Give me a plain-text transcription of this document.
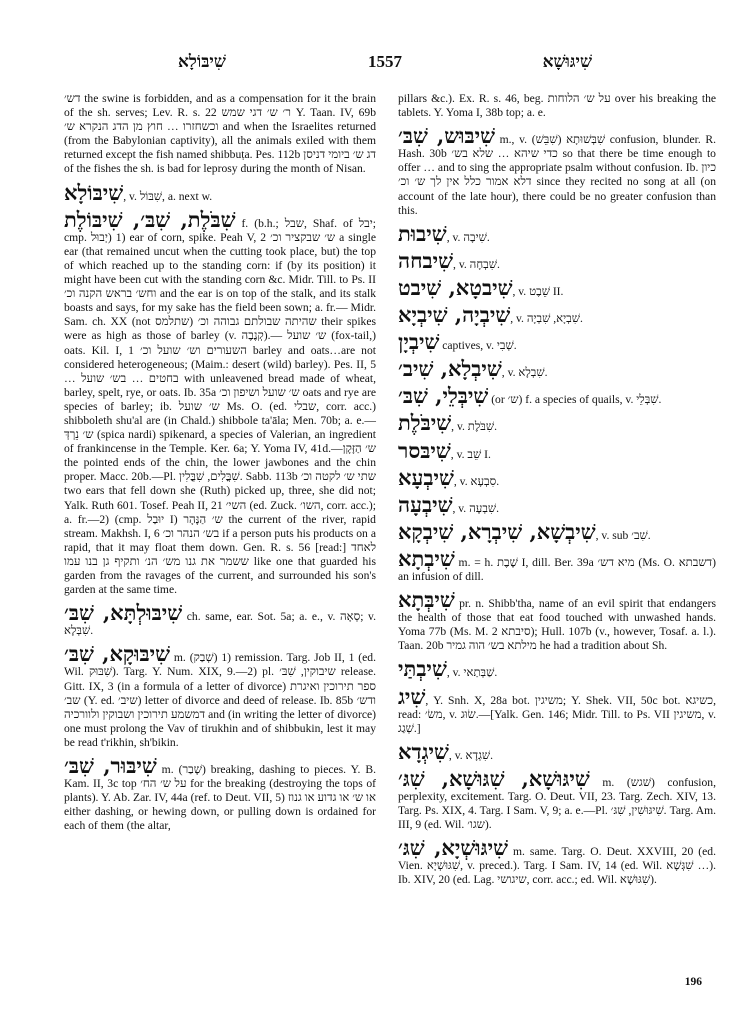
שִׁיבּוֹלָא	1557	שִׁיגּוּשָׁא

דש׳ the swine is forbidden, and as a compensation for it the brain of the sh. serves; Lev. R. s. 22 ר׳ ש׳ דגי שמש Y. Taan. IV, 69b וכשחזרו … חוץ מן הדג הנקרא ש׳ and when the Israelites returned (from the Babylonian captivity), all the animals exiled with them returned except the fish named shibbuṭa. Pes. 112b דג ש׳ ביומי דניסן of the fishes the sh. is bad for leprosy during the month of Nisan.

שִׁיבּוֹלָא, v. שִׁבּוֹל, a. next w.

שִׁבֹּלֶת, שִׁבּ׳, שִׁיבּוֹלֶת f. (b.h.; שבל, Shaf. of יבל; cmp. יְבוּל) 1) ear of corn, spike. Peah V, 2 ש׳ שבקציר וכ׳ a single ear (that remained uncut when the cutting took place, but) the top of which reached up to the standing corn: if (by its position) it might have been cut with the standing corn &c. Midr. Till. to Ps. II וחש׳ בראש הקנה וכ׳ and the ear is on top of the stalk, and its stalk boasts and says, for my sake has the field been sown; a. fr.— Midr. Sam. ch. XX (not שתלמס) שהיתה שבולתם גבוהה וכ׳ their spikes were as high as those of barley (v. קְנֶבֶה).— ש׳ שועל (fox-tail,) oats. Kil. I, 1 השעורים וש׳ שועל וכ׳ barley and oats…are not considered heterogeneous; (Maim.: desert (wild) barley). Pes. II, 5 … בחטים … בש׳ שועל with unleavened bread made of wheat, barley, spelt, rye, or oats. Ib. 35a ש׳ שועל ושיפון וכ׳ oats and rye are species of barley; ib. ש׳ שועל Ms. O. (ed. שבלי, corr. acc.) shibboleth shu'al are (in Chald.) shibbole ta'āla; Men. 70b; a. e.— ש׳ נֵרְדְּ (spica nardi) spikenard, a species of Valerian, an ingredient of frankincense in the Temple. Ker. 6a; Y. Yoma IV, 41d.—ש׳ הַזָּקָן the pointed ends of the chin, the lower jawbones and the chin proper. Macc. 20b.—Pl. שִׁבֳּלִים, שִׁבֳּלִין. Sabb. 113b שתי ש׳ לקטה וכ׳ two ears that fell down she (Ruth) picked up, three, she did not; Yalk. Ruth 601. Tosef. Peah II, 21 השי׳ (ed. Zuck. השו׳, corr. acc.); a. fr.—2) (cmp. יוּבַל I) ש׳ הַנָּהָר the current of the river, rapid stream. Makhsh. I, 6 בש׳ הנהר וכ׳ if a person puts his products on a rapid, that it may float them down. Gen. R. s. 56 [read:] לאחד ששמר את גנו מש׳ הנ׳ ותקיף גן בנו עמו like one that guarded his garden from the ravages of the current, and surrounded his son's garden at the same time.

שִׁיבּוּלְתָּא, שִׁבּ׳ ch. same, ear. Sot. 5a; a. e., v. סְאָה; v. שִׁבְּלָא.

שִׁיבּוּקָא, שִׁבּ׳ m. (שְׁבַק) 1) remission. Targ. Job II, 1 (ed. Wil. שִׁבּוּק). Targ. Y. Num. XIX, 9.—2) pl. שיבוקין, שִׁבּ׳ release. Gitt. IX, 3 (in a formula of a letter of divorce) ספר תירוכין ואיגרת שב׳ (Y. ed. שיב׳) letter of divorce and deed of release. Ib. 85b ודש׳ דמשמע תירוכין ושבוקין ולוורכיה and (in writing the letter of divorce) one must prolong the Vav of tirukhin and of shibbukin, lest it may be read t'rikhin, sh'bikin.

שִׁיבּוּר, שִׁבּ׳ m. (שָׁבַר) breaking, dashing to pieces. Y. B. Kam. II, 3c top על ש׳ הח׳ for the breaking (destroying the tops of plants). Y. Ab. Zar. IV, 44a (ref. to Deut. VII, 5) או ש׳ או גדוע או גנוז either dashing, or hewing down, or pulling down is ordained for each of them (the altar,

pillars &c.). Ex. R. s. 46, beg. על ש׳ הלוחות over his breaking the tablets. Y. Yoma I, 38b top; a. e.

שִׁיבּוּש, שִׁבּ׳ m., v. שִׁבְּשׁוּתָא (שִׁבֵּשׁ) confusion, blunder. R. Hash. 30b כדי שיהא … שלא בש׳ so that there be time enough to offer … and to sing the appropriate psalm without confusion. Ib. כיון דלא אמור כלל אין לך ש׳ וכ׳ since they recited no song at all (on account of the late hour), there could be no greater confusion than this.

שִׁיבוּת, v. שִׁיבָה.

שִׁיבחה, v. שִׁבְחָה.

שִׁיבטָא, שִׁיבט, v. שֵׁבֶט II.

שִׁיבְיָה, שִׁיבְיָא, v. שִׁבְיָא, שִׁבְיָה.

שִׁיבְיָן captives, v. שְׁבִי.

שִׁיבְלָא, שִׁיב׳, v. שִׁבְלָא.

שִׁיבְּלֵי, שִׁבּ׳ (or ש׳) f. a species of quails, v. שִׁבְּלֵי.

שִׁיבֹּלֶת, v. שִׁבֹּלֶת.

שִׁיבּסר, v. שֵׁב I.

שִׁיבְעָא, v. סִבְעָא.

שִׁיבְעָה, v. שִׁבְעָה.

שִׁיבְשָׁא, שִׁיבְרָא, שִׁיבְקָא, v. sub שִׁב׳.

שִׁיבְתָא m. = h. שֶׁבֶת I, dill. Ber. 39a מיא דש׳ (Ms. O. דשבתא) an infusion of dill.

שִׁיבְּתָא pr. n. Shibb'tha, name of an evil spirit that endangers the health of those that eat food touched with unwashed hands. Yoma 77b (Ms. M. 2 סיבתא); Hull. 107b (v., however, Tosaf. a. l.). Taan. 20b מילתא בש׳ הוה גמיר he had a tradition about Sh.

שִׁיבְתַּי, v. שַׁבְּתַאי.

שִׁיג, Y. Snh. X, 28a bot. משיגין; Y. Shek. VII, 50c bot. כשיגא, read: משׂ׳, v. שׂוּג.—[Yalk. Gen. 146; Midr. Till. to Ps. VII משיגין, v. שְׁגַג.]

שִׁיגְדָא, v. שִׁגְדָא.

שִׁיגּוּשָׁא, שִׁגּוּשָׁא, שִׁגּ׳ m. (שׁגש) confusion, perplexity, excitement. Targ. O. Deut. VII, 23. Targ. Zech. XIV, 13. Targ. Ps. XIX, 4. Targ. I Sam. V, 9; a. e.—Pl. שִׁיגּוּשִׁין, שִׁגּ׳. Targ. Am. III, 9 (ed. Wil. שגו׳).

שִׁיגּוּשְׁיָא, שִׁגּ׳ m. same. Targ. O. Deut. XXVIII, 20 (ed. Vien. שִׁגּוּשְׁיָא, v. preced.). Targ. I Sam. IV, 14 (ed. Wil. שִׁגְּשָׁא …). Ib. XIV, 20 (ed. Lag. שיגושי, corr. acc.; ed. Wil. שִׁגּוּשָׁא).

196
